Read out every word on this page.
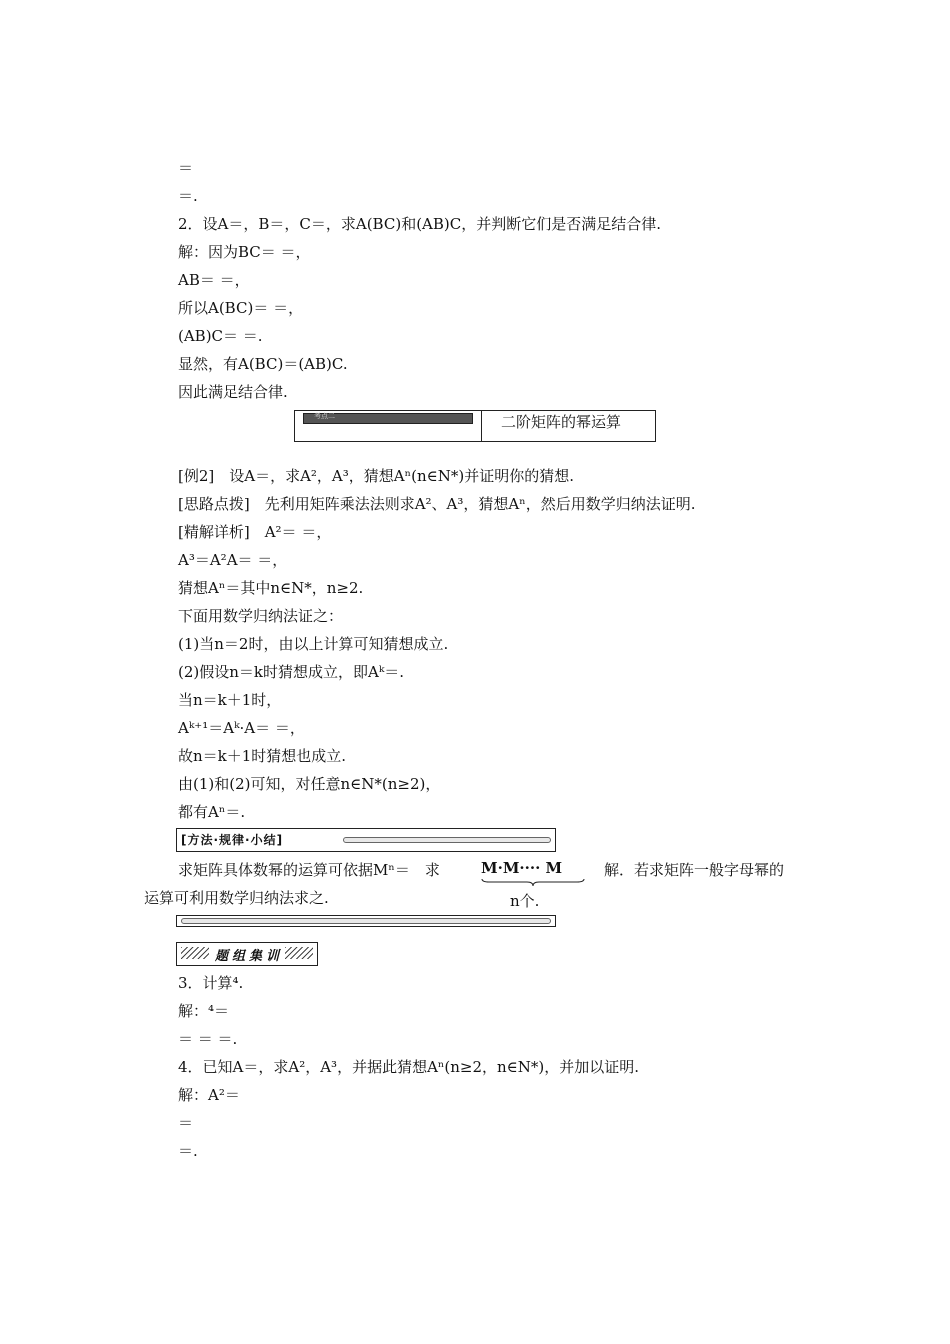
＝
＝.
2．设A＝，B＝，C＝，求A(BC)和(AB)C，并判断它们是否满足结合律.
解：因为BC＝ ＝，
AB＝ ＝，
所以A(BC)＝ ＝，
(AB)C＝ ＝.
显然，有A(BC)＝(AB)C.
因此满足结合律.
考点二	二阶矩阵的幂运算
[例2]　设A＝，求A²，A³，猜想Aⁿ(n∈N*)并证明你的猜想.
[思路点拨]　先利用矩阵乘法法则求A²、A³，猜想Aⁿ，然后用数学归纳法证明.
[精解详析]　A²＝ ＝，
A³＝A²A＝ ＝，
猜想Aⁿ＝其中n∈N*，n≥2.
下面用数学归纳法证之：
(1)当n＝2时，由以上计算可知猜想成立.
(2)假设n＝k时猜想成立，即Aᵏ＝.
当n＝k＋1时，
Aᵏ⁺¹＝Aᵏ·A＝ ＝，
故n＝k＋1时猜想也成立.
由(1)和(2)可知，对任意n∈N*(n≥2)，
都有Aⁿ＝.
[方法·规律·小结]
求矩阵具体数幂的运算可依据Mⁿ＝　求	M·M···· M
n个.
解．若求矩阵一般字母幂的
运算可利用数学归纳法求之.
题组集训
3．计算⁴.
解：⁴＝
＝ ＝ ＝.
4．已知A＝，求A²，A³，并据此猜想Aⁿ(n≥2，n∈N*)，并加以证明.
解：A²＝
＝
＝.
